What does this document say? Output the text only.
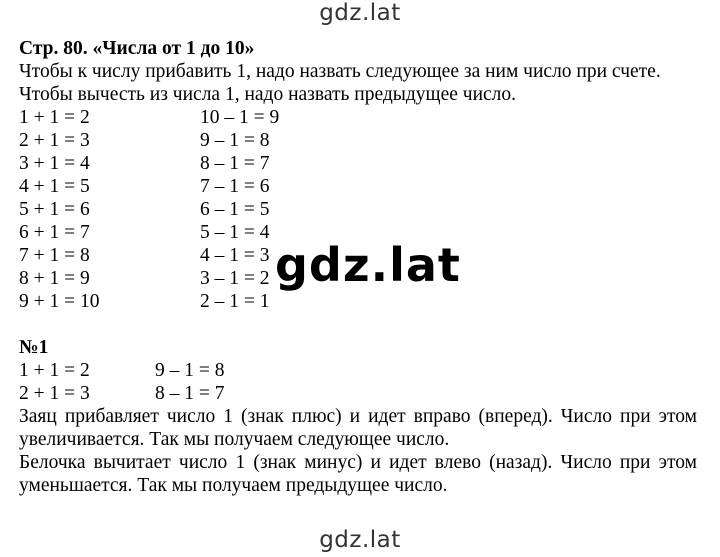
gdz.lat
Стр. 80. «Числа от 1 до 10»
Чтобы к числу прибавить 1, надо назвать следующее за ним число при счете.
Чтобы вычесть из числа 1, надо назвать предыдущее число.
1 + 1 = 2	10 – 1 = 9
2 + 1 = 3	9 – 1 = 8
3 + 1 = 4	8 – 1 = 7
4 + 1 = 5	7 – 1 = 6
5 + 1 = 6	6 – 1 = 5
6 + 1 = 7	5 – 1 = 4
7 + 1 = 8	4 – 1 = 3
8 + 1 = 9	3 – 1 = 2
9 + 1 = 10	2 – 1 = 1
№1
1 + 1 = 2	9 – 1 = 8
2 + 1 = 3	8 – 1 = 7
Заяц прибавляет число 1 (знак плюс) и идет вправо (вперед). Число при этом увеличивается. Так мы получаем следующее число.
Белочка вычитает число 1 (знак минус) и идет влево (назад). Число при этом уменьшается. Так мы получаем предыдущее число.
gdz.lat
gdz.lat
